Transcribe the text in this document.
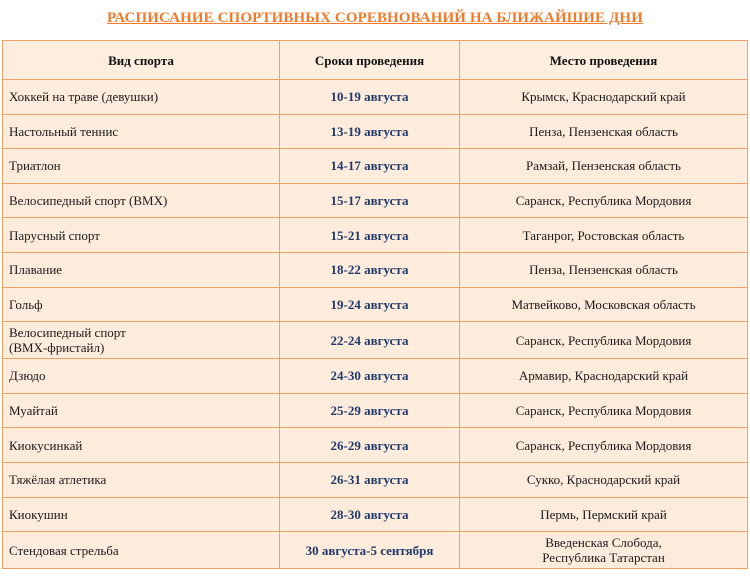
РАСПИСАНИЕ СПОРТИВНЫХ СОРЕВНОВАНИЙ НА БЛИЖАЙШИЕ ДНИ
Вид спорта	Сроки проведения	Место проведения
Хоккей на траве (девушки)	10-19 августа	Крымск, Краснодарский край
Настольный теннис	13-19 августа	Пенза, Пензенская область
Триатлон	14-17 августа	Рамзай, Пензенская область
Велосипедный спорт (BMX)	15-17 августа	Саранск, Республика Мордовия
Парусный спорт	15-21 августа	Таганрог, Ростовская область
Плавание	18-22 августа	Пенза, Пензенская область
Гольф	19-24 августа	Матвейково, Московская область
Велосипедный спорт
(BMX-фристайл)	22-24 августа	Саранск, Республика Мордовия
Дзюдо	24-30 августа	Армавир, Краснодарский край
Муайтай	25-29 августа	Саранск, Республика Мордовия
Киокусинкай	26-29 августа	Саранск, Республика Мордовия
Тяжёлая атлетика	26-31 августа	Сукко, Краснодарский край
Киокушин	28-30 августа	Пермь, Пермский край
Стендовая стрельба	30 августа-5 сентября	Введенская Слобода,
Республика Татарстан
